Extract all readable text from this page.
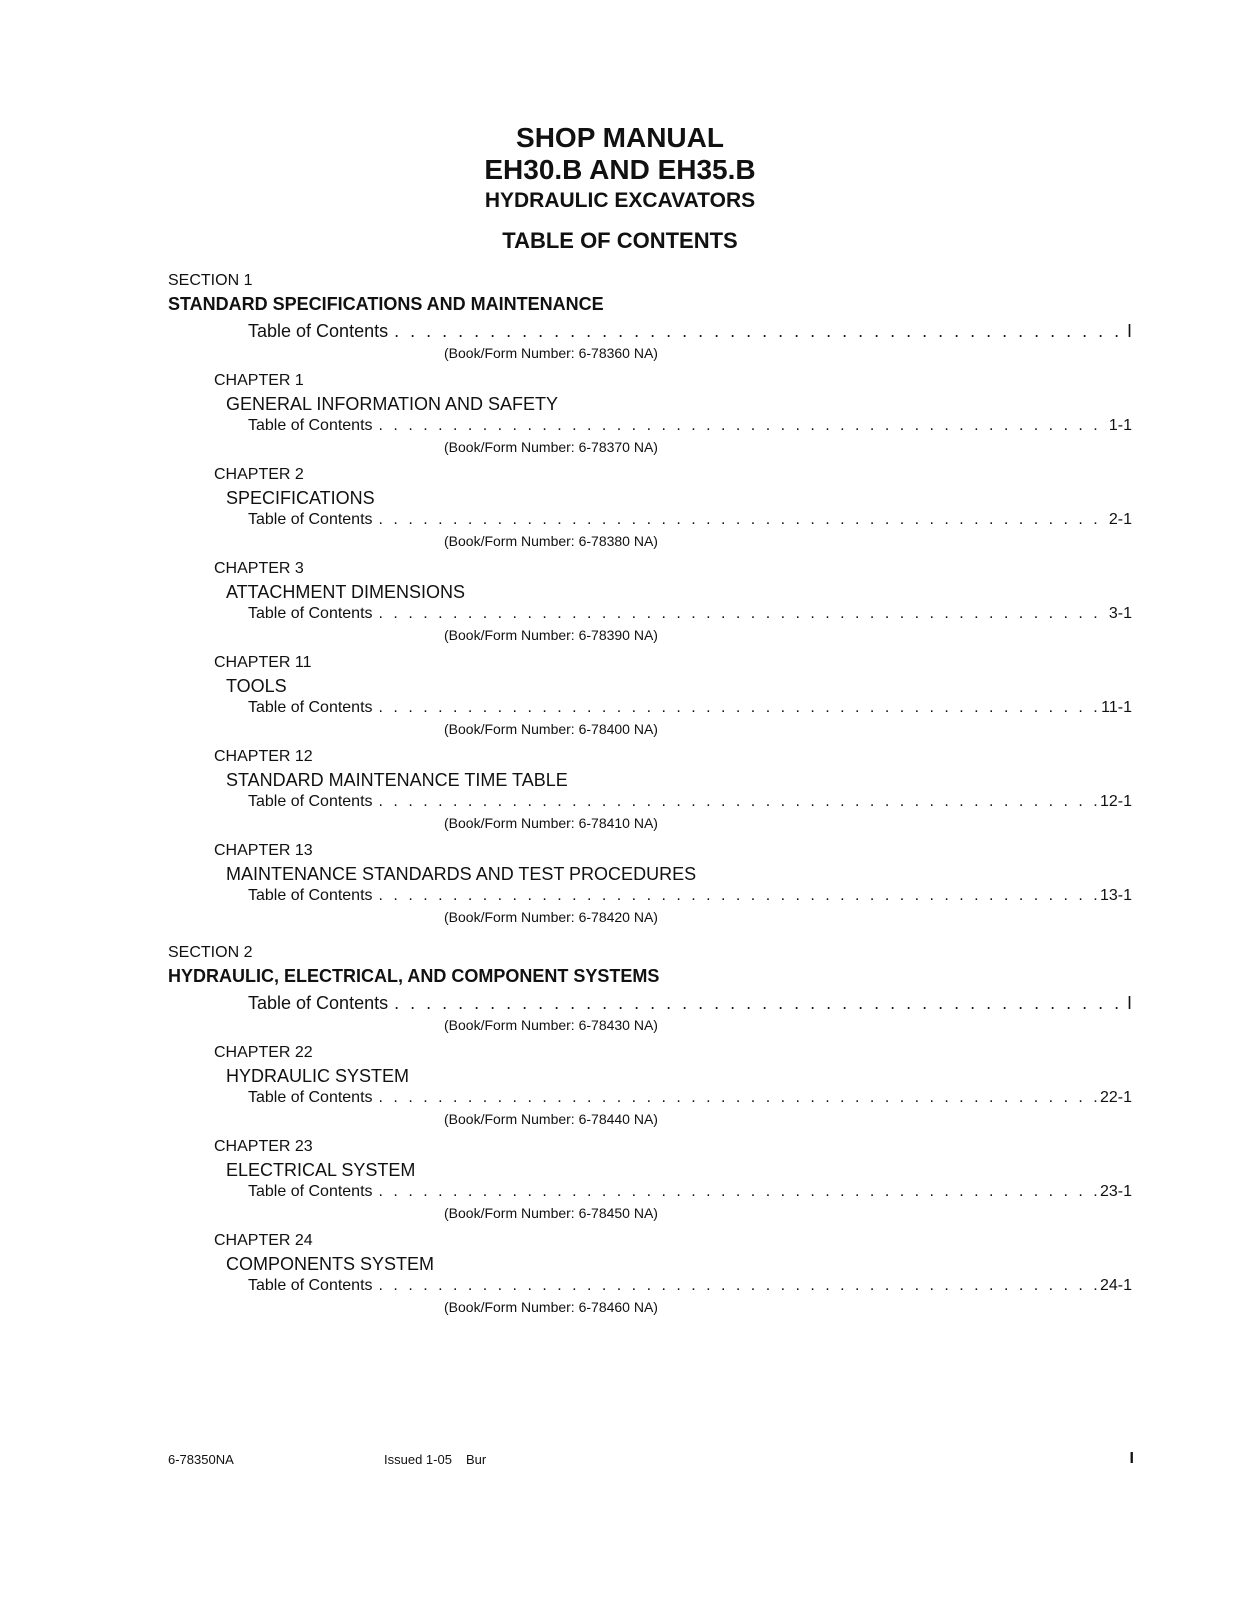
SHOP MANUAL
EH30.B AND EH35.B
HYDRAULIC EXCAVATORS
TABLE OF CONTENTS
SECTION 1
STANDARD SPECIFICATIONS AND MAINTENANCE
Table of Contents . . .	I
(Book/Form Number: 6-78360 NA)
CHAPTER 1
GENERAL INFORMATION AND SAFETY
Table of Contents . . .	1-1
(Book/Form Number: 6-78370 NA)
CHAPTER 2
SPECIFICATIONS
Table of Contents . . .	2-1
(Book/Form Number: 6-78380 NA)
CHAPTER 3
ATTACHMENT DIMENSIONS
Table of Contents . . .	3-1
(Book/Form Number: 6-78390 NA)
CHAPTER 11
TOOLS
Table of Contents . . .	11-1
(Book/Form Number: 6-78400 NA)
CHAPTER 12
STANDARD MAINTENANCE TIME TABLE
Table of Contents . . .	12-1
(Book/Form Number: 6-78410 NA)
CHAPTER 13
MAINTENANCE STANDARDS AND TEST PROCEDURES
Table of Contents . . .	13-1
(Book/Form Number: 6-78420 NA)
SECTION 2
HYDRAULIC, ELECTRICAL, AND COMPONENT SYSTEMS
Table of Contents . . .	I
(Book/Form Number: 6-78430 NA)
CHAPTER 22
HYDRAULIC SYSTEM
Table of Contents . . .	22-1
(Book/Form Number: 6-78440 NA)
CHAPTER 23
ELECTRICAL SYSTEM
Table of Contents . . .	23-1
(Book/Form Number: 6-78450 NA)
CHAPTER 24
COMPONENTS SYSTEM
Table of Contents . . .	24-1
(Book/Form Number: 6-78460 NA)
6-78350NA	Issued 1-05 Bur	I
